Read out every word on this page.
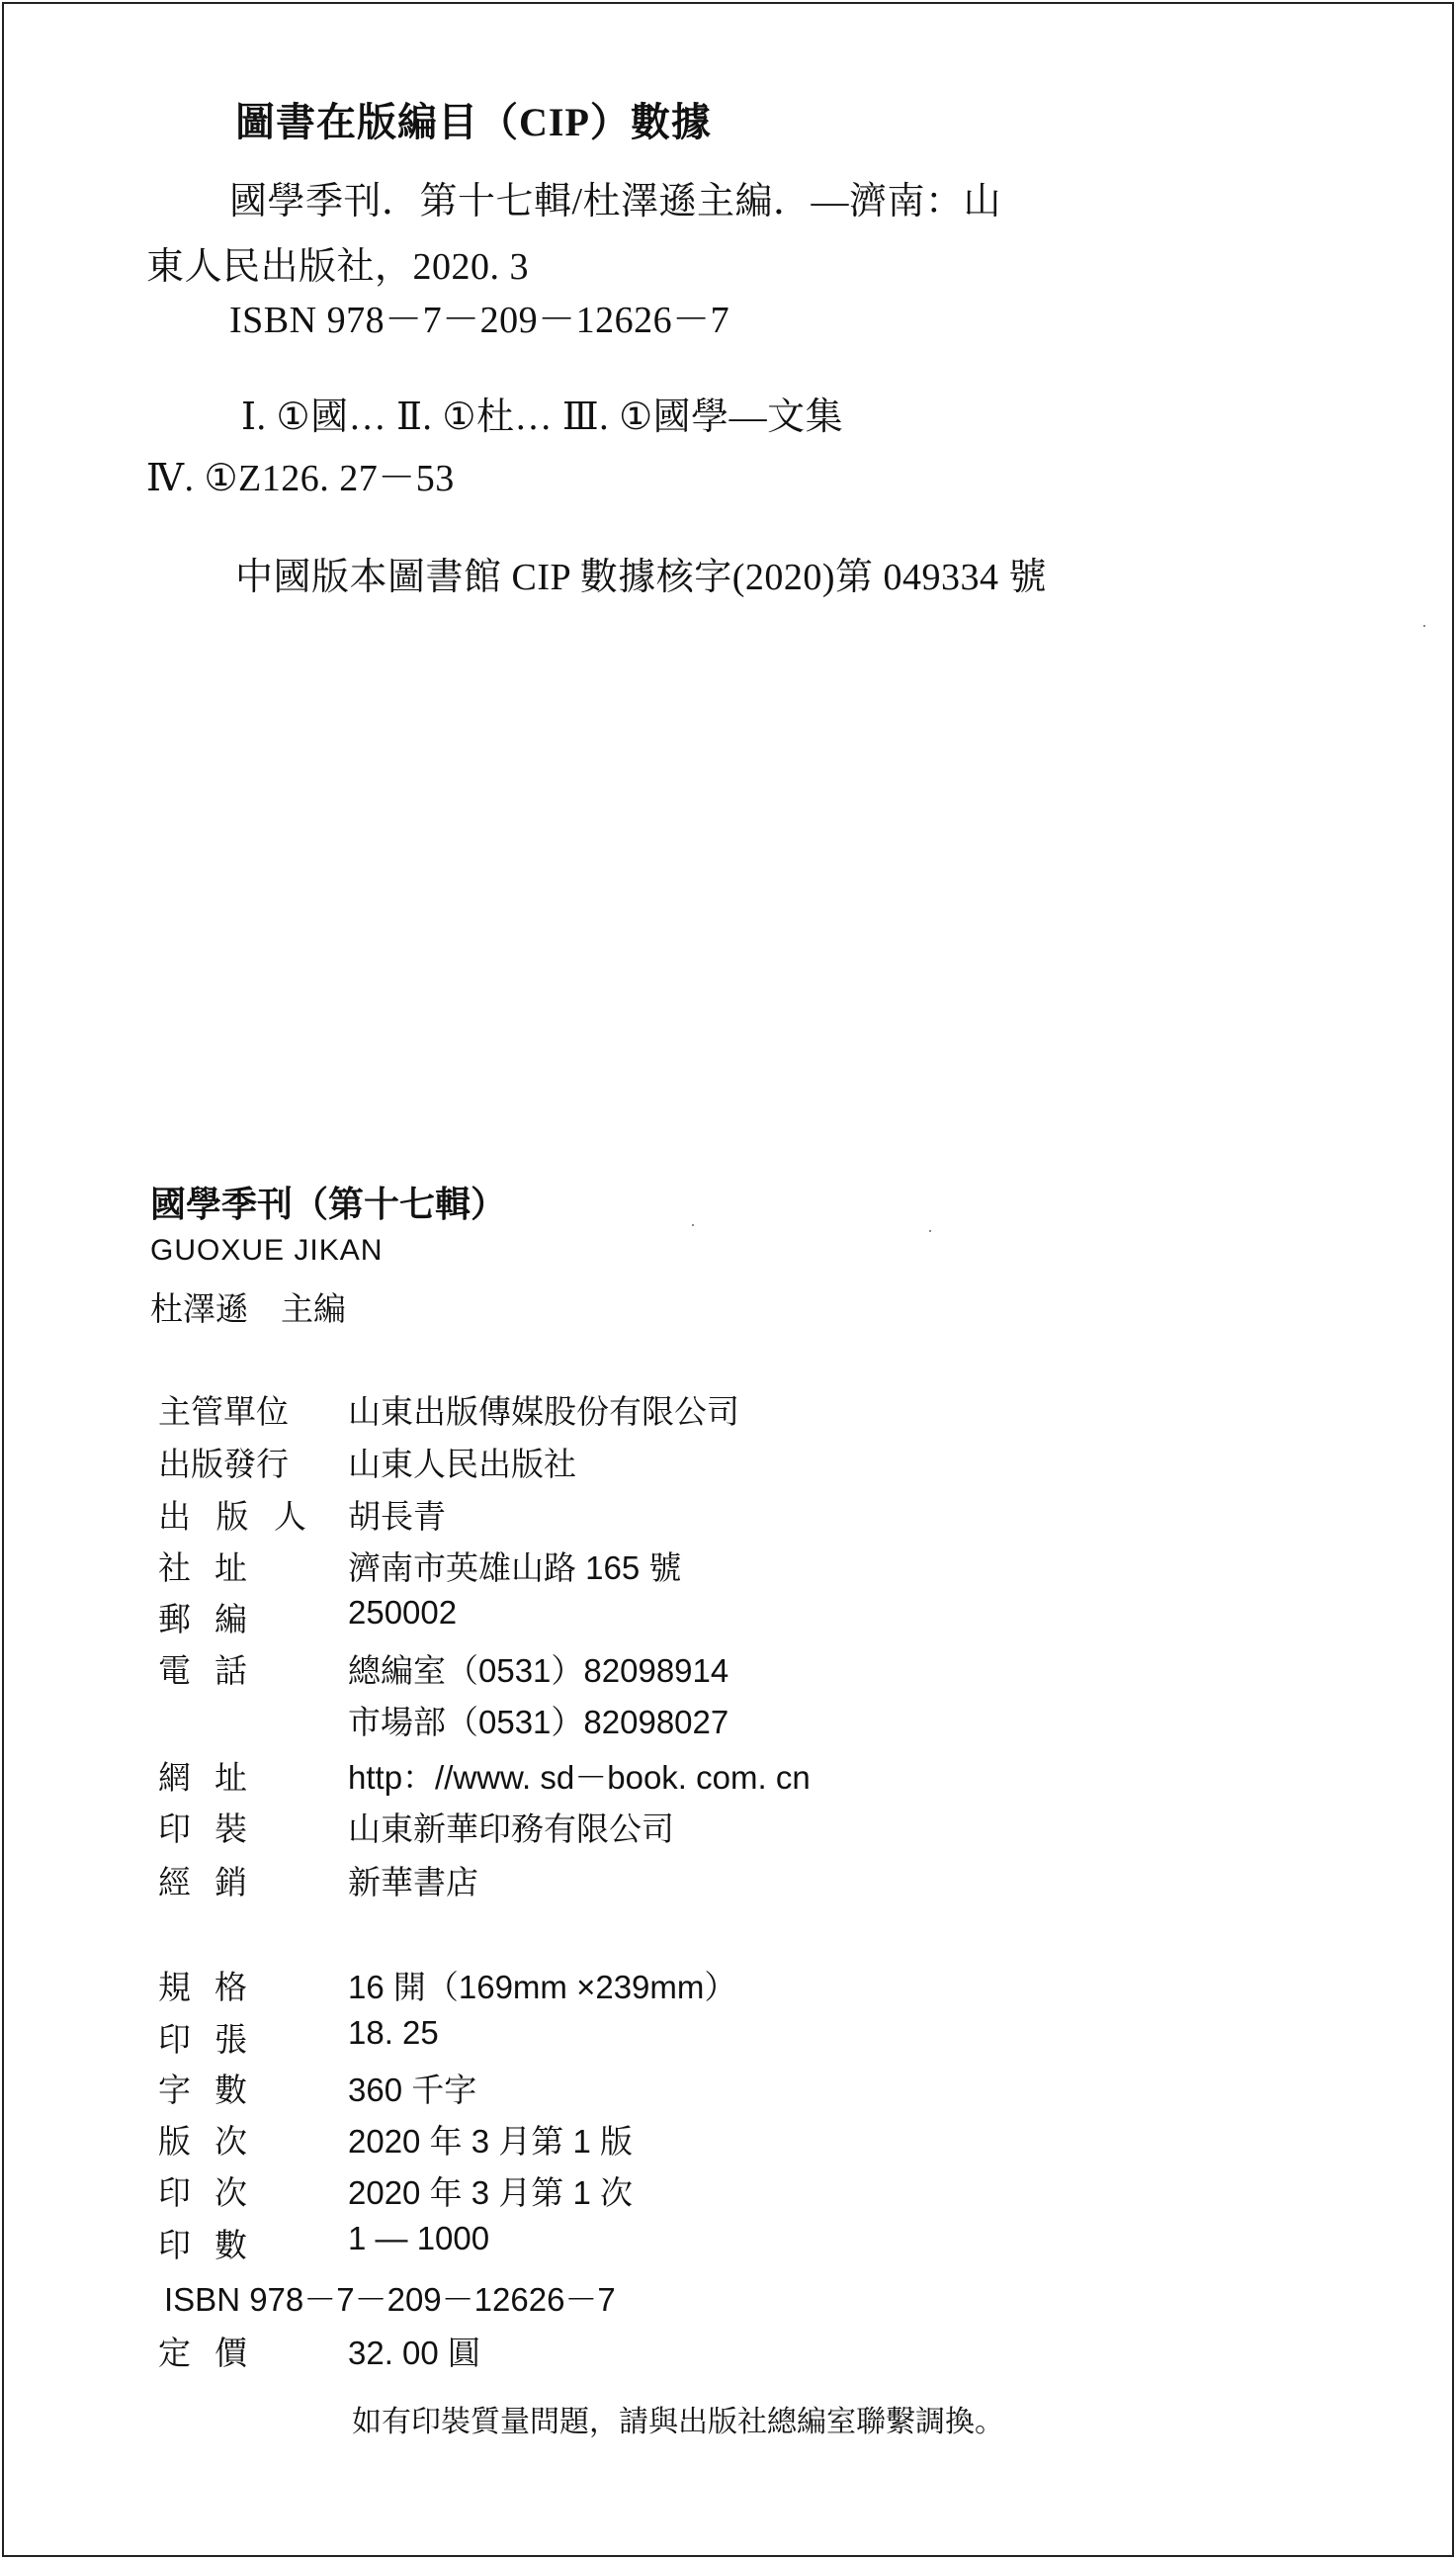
圖書在版編目（CIP）數據
國學季刊．第十七輯/杜澤遜主編．—濟南：山
東人民出版社，2020. 3
ISBN 978－7－209－12626－7
Ⅰ. ①國… Ⅱ. ①杜… Ⅲ. ①國學—文集
Ⅳ. ①Z126. 27－53
中國版本圖書館 CIP 數據核字(2020)第 049334 號
國學季刊（第十七輯）
GUOXUE JIKAN
杜澤遜　主編
主管單位 山東出版傳媒股份有限公司
出版發行 山東人民出版社
出 版 人 胡長青
社 址	濟南市英雄山路 165 號
郵 編	250002
電 話	總編室（0531）82098914
市場部（0531）82098027
網 址	http：//www. sd－book. com. cn
印 裝	山東新華印務有限公司
經 銷	新華書店
規 格	16 開（169mm ×239mm）
印 張	18. 25
字 數	360 千字
版 次	2020 年 3 月第 1 版
印 次	2020 年 3 月第 1 次
印 數	1 — 1000
ISBN 978－7－209－12626－7
定 價	32. 00 圓
如有印裝質量問題，請與出版社總編室聯繫調換。
